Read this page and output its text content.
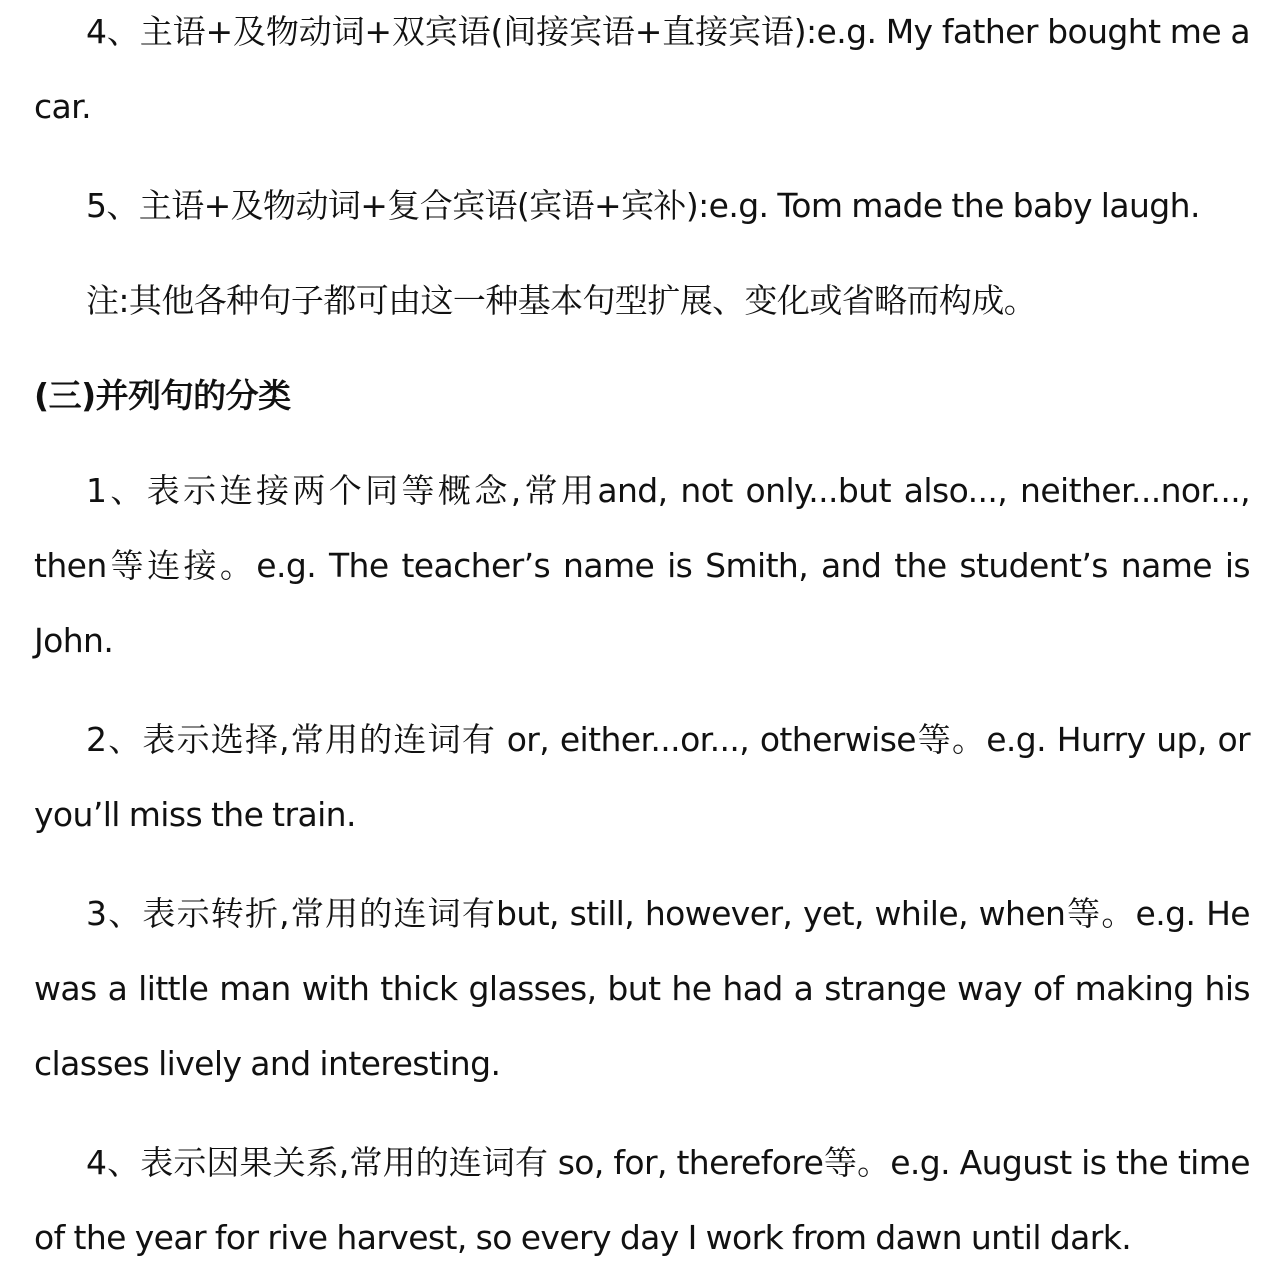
4、主语+及物动词+双宾语(间接宾语+直接宾语):e.g. My father bought me a car.

5、主语+及物动词+复合宾语(宾语+宾补):e.g. Tom made the baby laugh.

注:其他各种句子都可由这一种基本句型扩展、变化或省略而构成。

(三)并列句的分类

1、表示连接两个同等概念,常用and, not only...but also..., neither...nor..., then等连接。e.g. The teacher’s name is Smith, and the student’s name is John.

2、表示选择,常用的连词有 or, either...or..., otherwise等。e.g. Hurry up, or you’ll miss the train.

3、表示转折,常用的连词有but, still, however, yet, while, when等。e.g. He was a little man with thick glasses, but he had a strange way of making his classes lively and interesting.

4、表示因果关系,常用的连词有 so, for, therefore等。e.g. August is the time of the year for rive harvest, so every day I work from dawn until dark.
